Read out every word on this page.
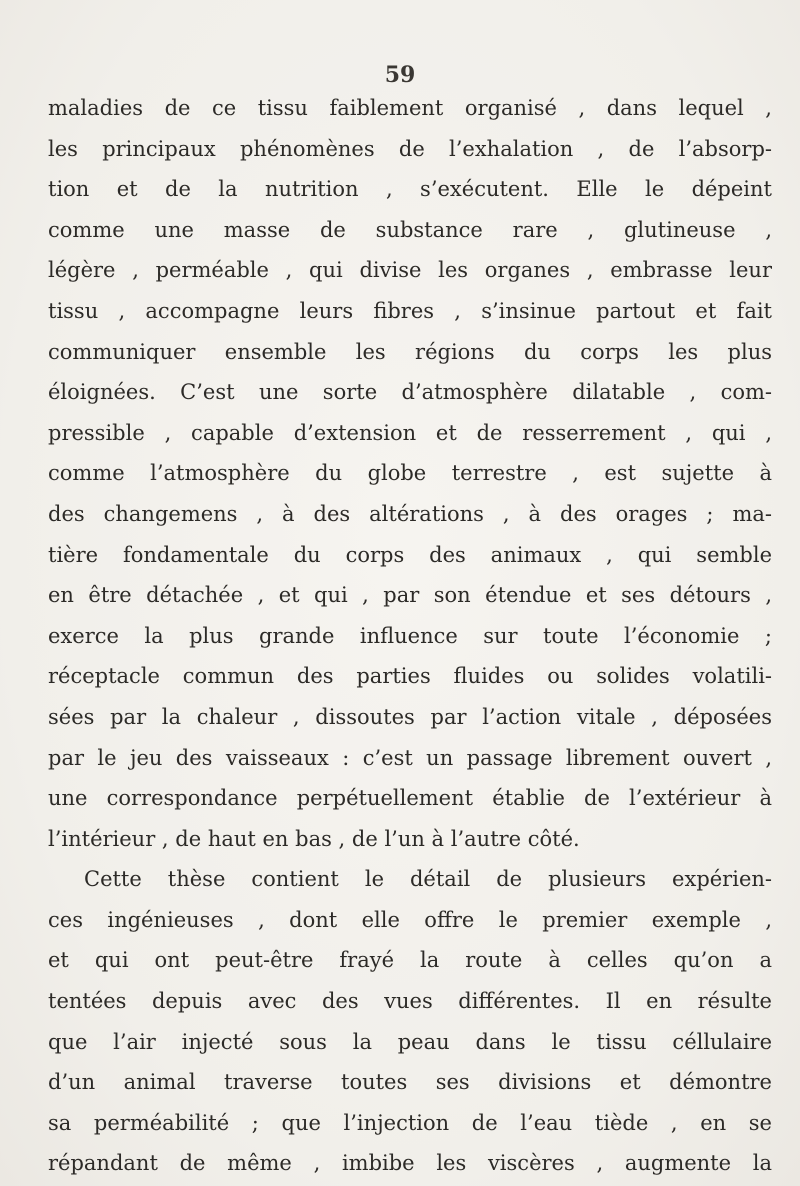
59
maladies de ce tissu faiblement organisé , dans lequel ,
les principaux phénomènes de l’exhalation , de l’absorp-
tion et de la nutrition , s’exécutent. Elle le dépeint
comme une masse de substance rare , glutineuse ,
légère , perméable , qui divise les organes , embrasse leur
tissu , accompagne leurs fibres , s’insinue partout et fait
communiquer ensemble les régions du corps les plus
éloignées. C’est une sorte d’atmosphère dilatable , com-
pressible , capable d’extension et de resserrement , qui ,
comme l’atmosphère du globe terrestre , est sujette à
des changemens , à des altérations , à des orages ; ma-
tière fondamentale du corps des animaux , qui semble
en être détachée , et qui , par son étendue et ses détours ,
exerce la plus grande influence sur toute l’économie ;
réceptacle commun des parties fluides ou solides volatili-
sées par la chaleur , dissoutes par l’action vitale , déposées
par le jeu des vaisseaux : c’est un passage librement ouvert ,
une correspondance perpétuellement établie de l’extérieur à
l’intérieur , de haut en bas , de l’un à l’autre côté.
Cette thèse contient le détail de plusieurs expérien-
ces ingénieuses , dont elle offre le premier exemple ,
et qui ont peut-être frayé la route à celles qu’on a
tentées depuis avec des vues différentes. Il en résulte
que l’air injecté sous la peau dans le tissu céllulaire
d’un animal traverse toutes ses divisions et démontre
sa perméabilité ; que l’injection de l’eau tiède , en se
répandant de même , imbibe les viscères , augmente la
